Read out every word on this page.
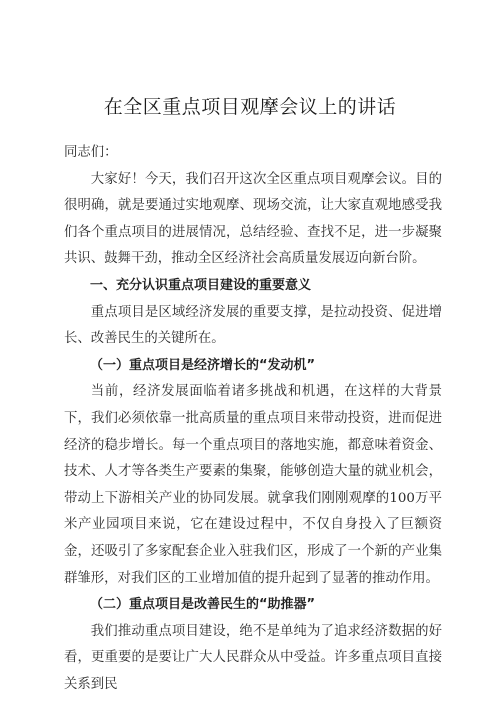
在全区重点项目观摩会议上的讲话

同志们：

大家好！今天，我们召开这次全区重点项目观摩会议。目的很明确，就是要通过实地观摩、现场交流，让大家直观地感受我们各个重点项目的进展情况，总结经验、查找不足，进一步凝聚共识、鼓舞干劲，推动全区经济社会高质量发展迈向新台阶。

一、充分认识重点项目建设的重要意义

重点项目是区域经济发展的重要支撑，是拉动投资、促进增长、改善民生的关键所在。

（一）重点项目是经济增长的“发动机”

当前，经济发展面临着诸多挑战和机遇，在这样的大背景下，我们必须依靠一批高质量的重点项目来带动投资，进而促进经济的稳步增长。每一个重点项目的落地实施，都意味着资金、技术、人才等各类生产要素的集聚，能够创造大量的就业机会，带动上下游相关产业的协同发展。就拿我们刚刚观摩的100万平米产业园项目来说，它在建设过程中，不仅自身投入了巨额资金，还吸引了多家配套企业入驻我们区，形成了一个新的产业集群雏形，对我们区的工业增加值的提升起到了显著的推动作用。

（二）重点项目是改善民生的“助推器”

我们推动重点项目建设，绝不是单纯为了追求经济数据的好看，更重要的是要让广大人民群众从中受益。许多重点项目直接关系到民
